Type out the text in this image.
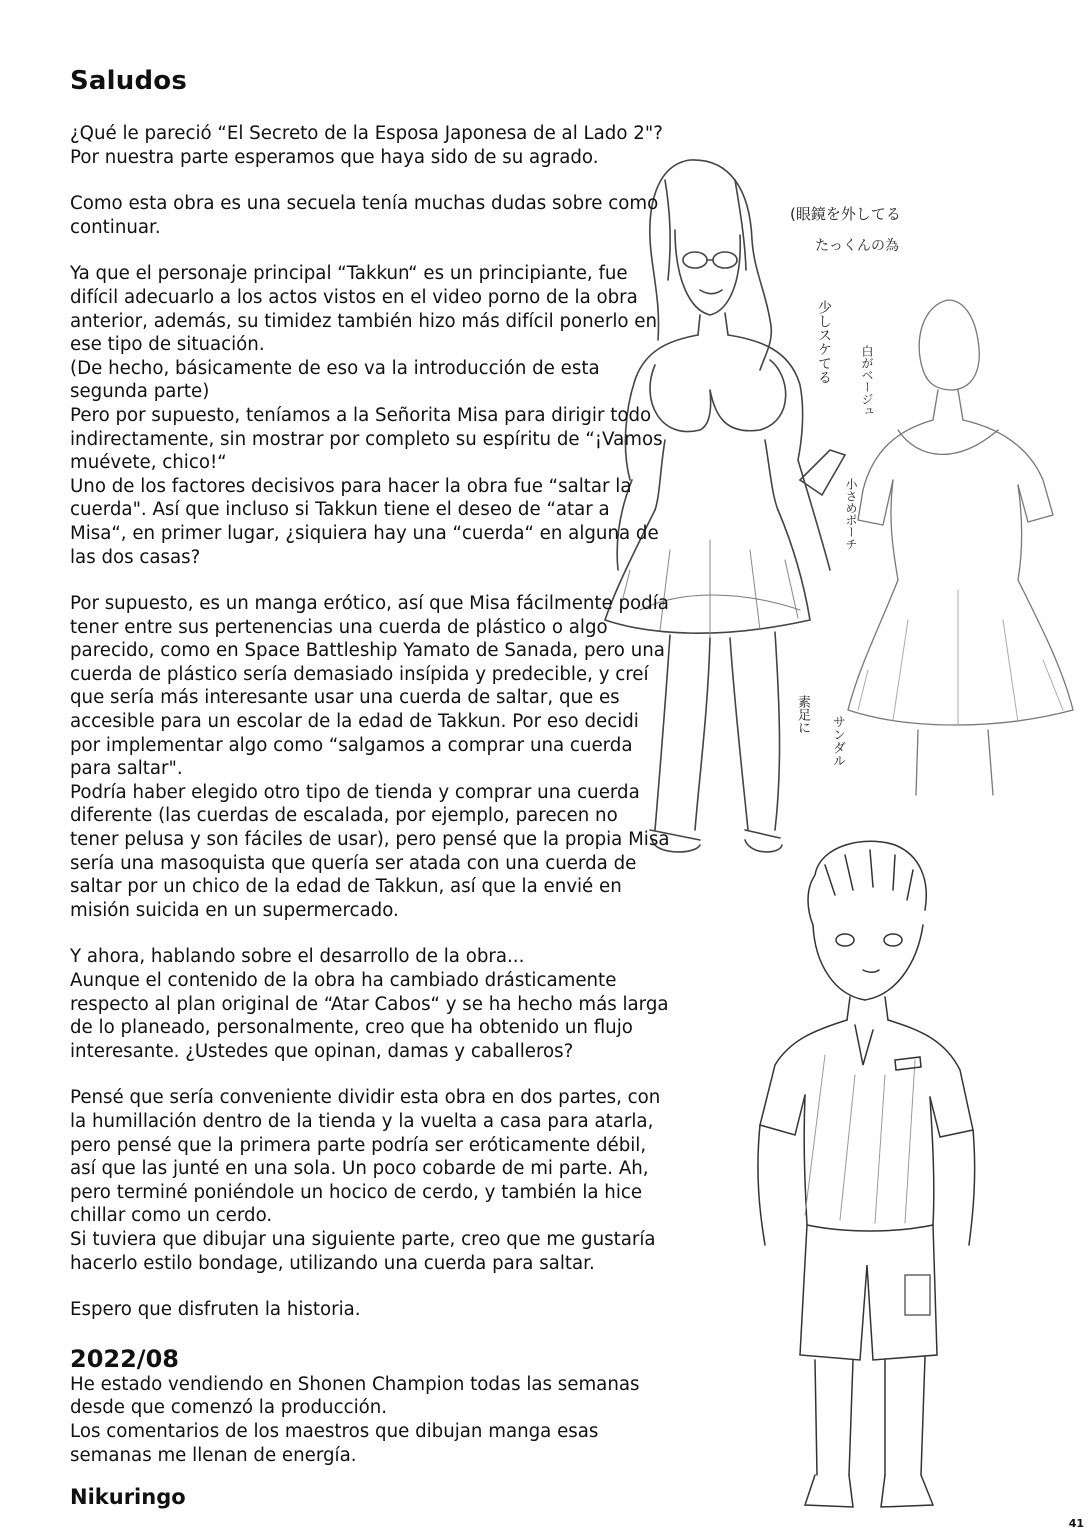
(眼鏡を外してる
たっくんの為
少しスケてる 白がベージュ
小さめポーチ
素足に
サンダル
Saludos

¿Qué le pareció “El Secreto de la Esposa Japonesa de al Lado 2"? Por nuestra parte esperamos que haya sido de su agrado.

Como esta obra es una secuela tenía muchas dudas sobre como continuar.

Ya que el personaje principal “Takkun“ es un principiante, fue difícil adecuarlo a los actos vistos en el video porno de la obra anterior, además, su timidez también hizo más difícil ponerlo en ese tipo de situación.
(De hecho, básicamente de eso va la introducción de esta segunda parte)
Pero por supuesto, teníamos a la Señorita Misa para dirigir todo indirectamente, sin mostrar por completo su espíritu de “¡Vamos muévete, chico!“
Uno de los factores decisivos para hacer la obra fue “saltar la cuerda". Así que incluso si Takkun tiene el deseo de “atar a Misa“, en primer lugar, ¿siquiera hay una “cuerda“ en alguna de las dos casas?

Por supuesto, es un manga erótico, así que Misa fácilmente podía tener entre sus pertenencias una cuerda de plástico o algo parecido, como en Space Battleship Yamato de Sanada, pero una cuerda de plástico sería demasiado insípida y predecible, y creí que sería más interesante usar una cuerda de saltar, que es accesible para un escolar de la edad de Takkun. Por eso decidi por implementar algo como “salgamos a comprar una cuerda para saltar".
Podría haber elegido otro tipo de tienda y comprar una cuerda diferente (las cuerdas de escalada, por ejemplo, parecen no tener pelusa y son fáciles de usar), pero pensé que la propia Misa sería una masoquista que quería ser atada con una cuerda de saltar por un chico de la edad de Takkun, así que la envié en misión suicida en un supermercado.

Y ahora, hablando sobre el desarrollo de la obra...
Aunque el contenido de la obra ha cambiado drásticamente respecto al plan original de “Atar Cabos“ y se ha hecho más larga de lo planeado, personalmente, creo que ha obtenido un flujo interesante. ¿Ustedes que opinan, damas y caballeros?

Pensé que sería conveniente dividir esta obra en dos partes, con la humillación dentro de la tienda y la vuelta a casa para atarla, pero pensé que la primera parte podría ser eróticamente débil, así que las junté en una sola. Un poco cobarde de mi parte. Ah, pero terminé poniéndole un hocico de cerdo, y también la hice chillar como un cerdo.
Si tuviera que dibujar una siguiente parte, creo que me gustaría hacerlo estilo bondage, utilizando una cuerda para saltar.

Espero que disfruten la historia.

2022/08

He estado vendiendo en Shonen Champion todas las semanas desde que comenzó la producción.
Los comentarios de los maestros que dibujan manga esas semanas me llenan de energía.

Nikuringo

41
